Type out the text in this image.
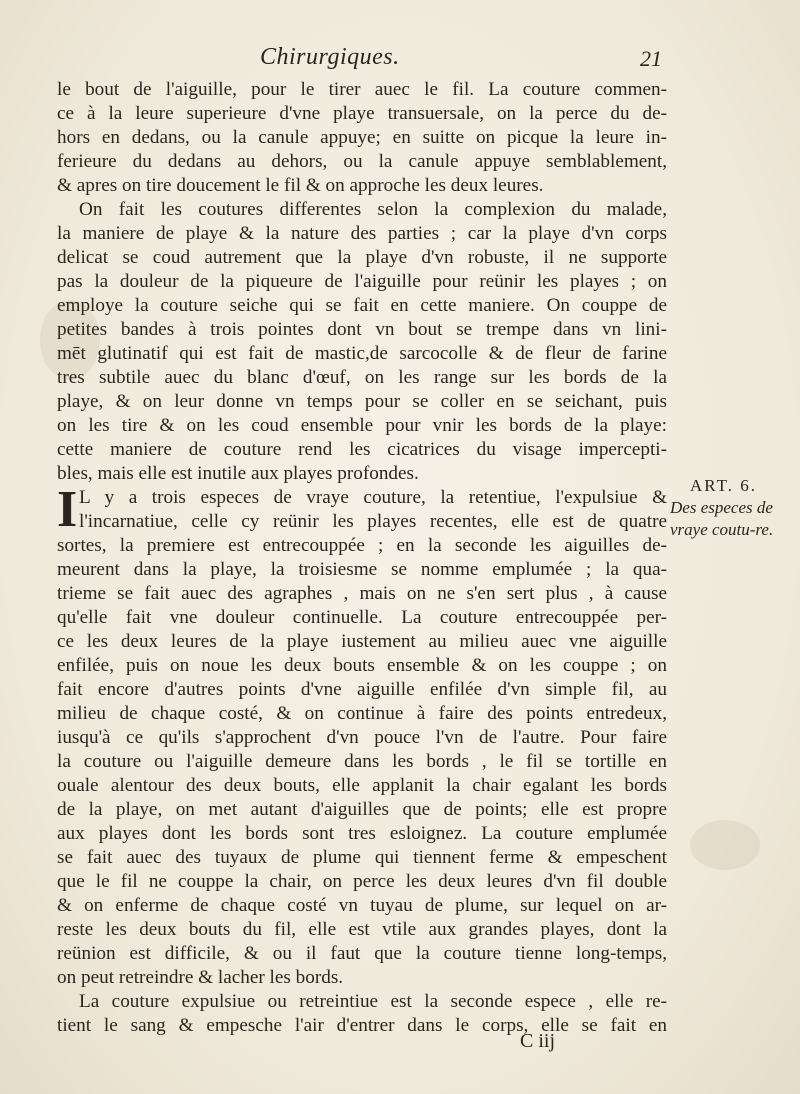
Chirurgiques.	21
le bout de l'aiguille, pour le tirer auec le fil. La couture commen-
ce à la leure superieure d'vne playe transuersale, on la perce du de-
hors en dedans, ou la canule appuye; en suitte on picque la leure in-
ferieure du dedans au dehors, ou la canule appuye semblablement,
& apres on tire doucement le fil & on approche les deux leures.
On fait les coutures differentes selon la complexion du malade,
la maniere de playe & la nature des parties ; car la playe d'vn corps
delicat se coud autrement que la playe d'vn robuste, il ne supporte
pas la douleur de la piqueure de l'aiguille pour reünir les playes ; on
employe la couture seiche qui se fait en cette maniere. On couppe de
petites bandes à trois pointes dont vn bout se trempe dans vn lini-
mēt glutinatif qui est fait de mastic,de sarcocolle & de fleur de farine
tres subtile auec du blanc d'œuf, on les range sur les bords de la
playe, & on leur donne vn temps pour se coller en se seichant, puis
on les tire & on les coud ensemble pour vnir les bords de la playe:
cette maniere de couture rend les cicatrices du visage impercepti-
bles, mais elle est inutile aux playes profondes.
L y a trois especes de vraye couture, la retentiue, l'expulsiue &
l'incarnatiue, celle cy reünir les playes recentes, elle est de quatre
sortes, la premiere est entrecouppée ; en la seconde les aiguilles de-
meurent dans la playe, la troisiesme se nomme emplumée ; la qua-
trieme se fait auec des agraphes , mais on ne s'en sert plus , à cause
qu'elle fait vne douleur continuelle. La couture entrecouppée per-
ce les deux leures de la playe iustement au milieu auec vne aiguille
enfilée, puis on noue les deux bouts ensemble & on les couppe ; on
fait encore d'autres points d'vne aiguille enfilée d'vn simple fil, au
milieu de chaque costé, & on continue à faire des points entredeux,
iusqu'à ce qu'ils s'approchent d'vn pouce l'vn de l'autre. Pour faire
la couture ou l'aiguille demeure dans les bords , le fil se tortille en
ouale alentour des deux bouts, elle applanit la chair egalant les bords
de la playe, on met autant d'aiguilles que de points; elle est propre
aux playes dont les bords sont tres esloignez. La couture emplumée
se fait auec des tuyaux de plume qui tiennent ferme & empeschent
que le fil ne couppe la chair, on perce les deux leures d'vn fil double
& on enferme de chaque costé vn tuyau de plume, sur lequel on ar-
reste les deux bouts du fil, elle est vtile aux grandes playes, dont la
reünion est difficile, & ou il faut que la couture tienne long-temps,
on peut retreindre & lacher les bords.
La couture expulsiue ou retreintiue est la seconde espece , elle re-
tient le sang & empesche l'air d'entrer dans le corps, elle se fait en
I	ART. 6.
Des especes de vraye coutu-re.
C iij
